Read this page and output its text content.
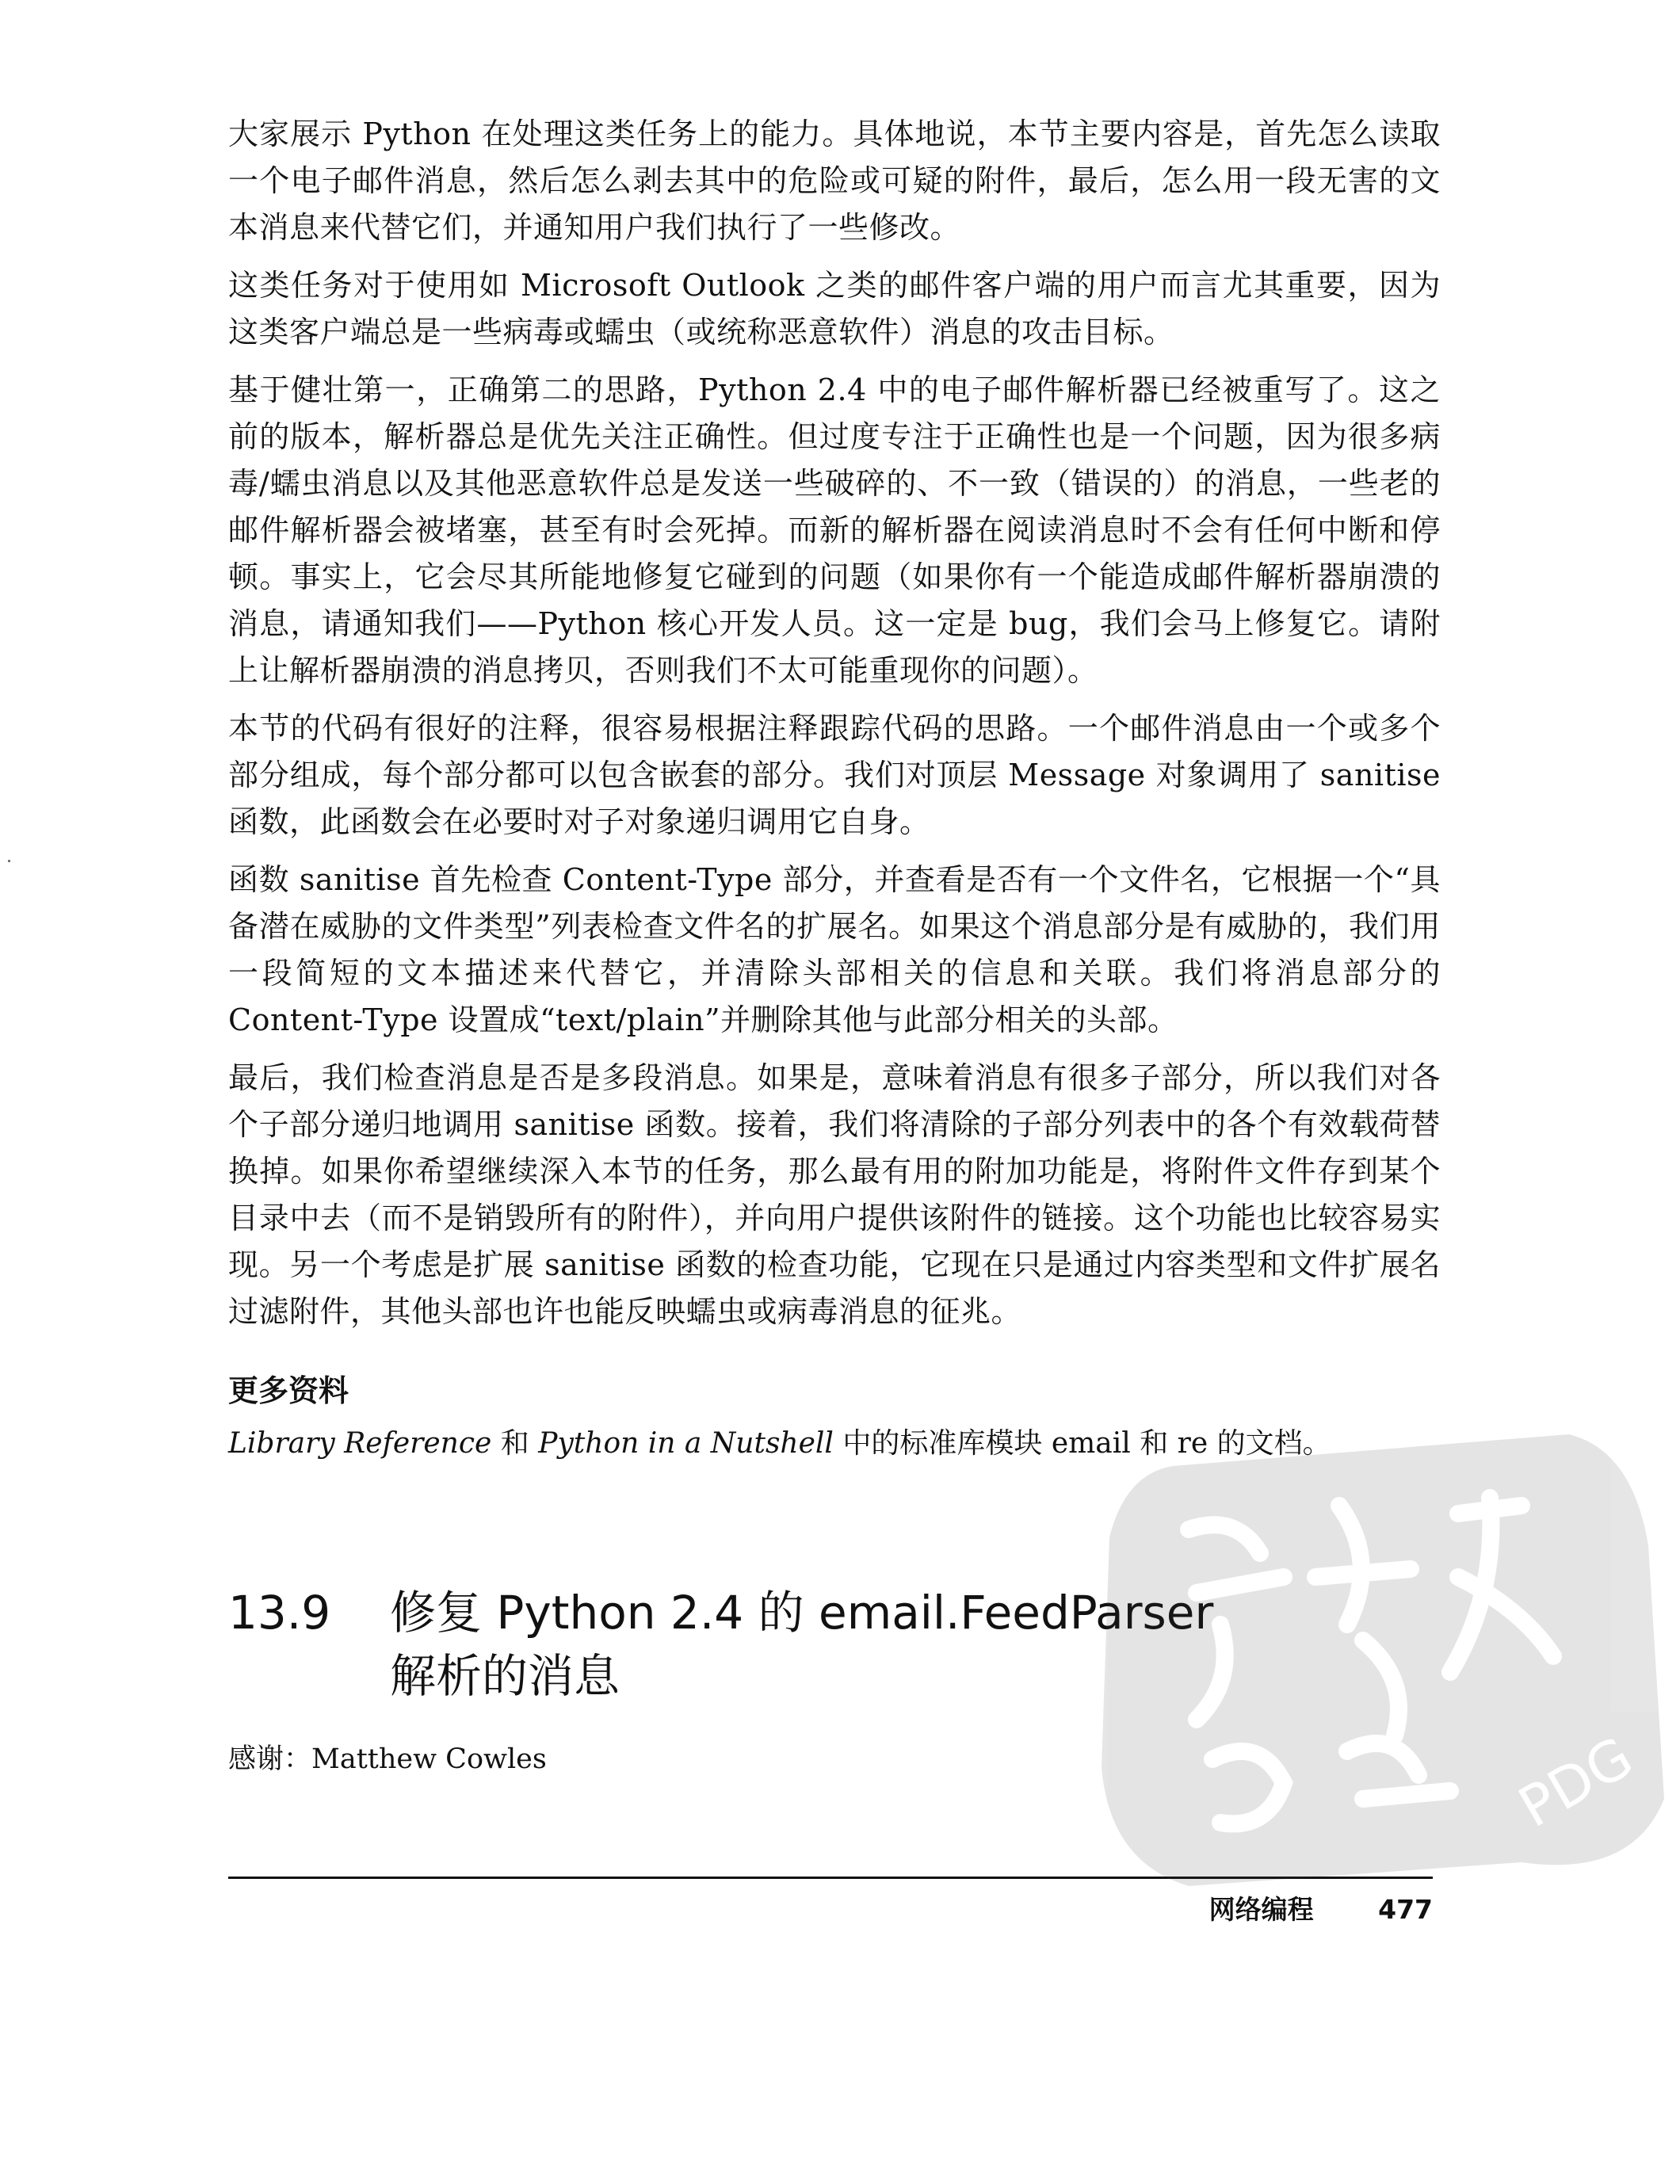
大家展示 Python 在处理这类任务上的能力。具体地说，本节主要内容是，首先怎么读取一个电子邮件消息，然后怎么剥去其中的危险或可疑的附件，最后，怎么用一段无害的文本消息来代替它们，并通知用户我们执行了一些修改。

这类任务对于使用如 Microsoft Outlook 之类的邮件客户端的用户而言尤其重要，因为这类客户端总是一些病毒或蠕虫（或统称恶意软件）消息的攻击目标。

基于健壮第一，正确第二的思路，Python 2.4 中的电子邮件解析器已经被重写了。这之前的版本，解析器总是优先关注正确性。但过度专注于正确性也是一个问题，因为很多病毒/蠕虫消息以及其他恶意软件总是发送一些破碎的、不一致（错误的）的消息，一些老的邮件解析器会被堵塞，甚至有时会死掉。而新的解析器在阅读消息时不会有任何中断和停顿。事实上，它会尽其所能地修复它碰到的问题（如果你有一个能造成邮件解析器崩溃的消息，请通知我们——Python 核心开发人员。这一定是 bug，我们会马上修复它。请附上让解析器崩溃的消息拷贝，否则我们不太可能重现你的问题）。

本节的代码有很好的注释，很容易根据注释跟踪代码的思路。一个邮件消息由一个或多个部分组成，每个部分都可以包含嵌套的部分。我们对顶层 Message 对象调用了 sanitise 函数，此函数会在必要时对子对象递归调用它自身。

函数 sanitise 首先检查 Content-Type 部分，并查看是否有一个文件名，它根据一个“具备潜在威胁的文件类型”列表检查文件名的扩展名。如果这个消息部分是有威胁的，我们用一段简短的文本描述来代替它，并清除头部相关的信息和关联。我们将消息部分的 Content-Type 设置成“text/plain”并删除其他与此部分相关的头部。

最后，我们检查消息是否是多段消息。如果是，意味着消息有很多子部分，所以我们对各个子部分递归地调用 sanitise 函数。接着，我们将清除的子部分列表中的各个有效载荷替换掉。如果你希望继续深入本节的任务，那么最有用的附加功能是，将附件文件存到某个目录中去（而不是销毁所有的附件），并向用户提供该附件的链接。这个功能也比较容易实现。另一个考虑是扩展 sanitise 函数的检查功能，它现在只是通过内容类型和文件扩展名过滤附件，其他头部也许也能反映蠕虫或病毒消息的征兆。

更多资料

Library Reference 和 Python in a Nutshell 中的标准库模块 email 和 re 的文档。

13.9 修复 Python 2.4 的 email.FeedParser
解析的消息
感谢：Matthew Cowles
网络编程 477
PDG
